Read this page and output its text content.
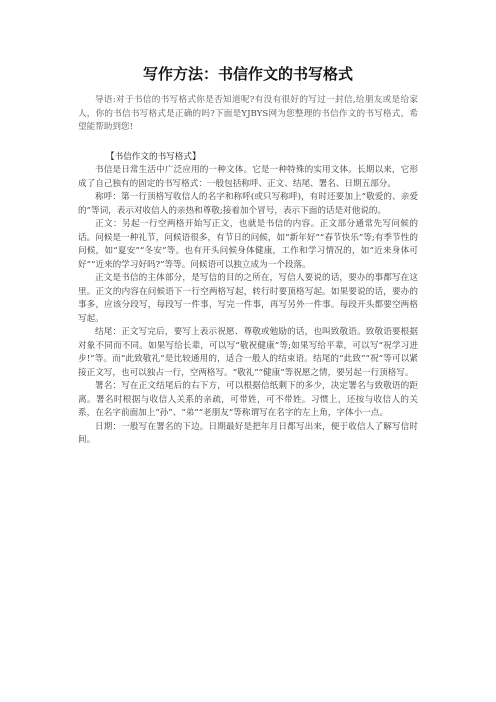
写作方法：书信作文的书写格式

导语:对于书信的书写格式你是否知道呢?有没有很好的写过一封信,给朋友或是给家人，你的书信书写格式是正确的吗?下面是YJBYS网为您整理的书信作文的书写格式，希望能帮助到您!

【书信作文的书写格式】

书信是日常生活中广泛应用的一种文体。它是一种特殊的实用文体。长期以来，它形成了自己独有的固定的书写格式：一般包括称呼、正文、结尾、署名、日期五部分。

称呼：第一行顶格写收信人的名字和称呼(或只写称呼)，有时还要加上“敬爱的、亲爱的”等词，表示对收信人的亲热和尊敬;接着加个冒号，表示下面的话是对他说的。

正文：另起一行空两格开始写正文，也就是书信的内容。正文部分通常先写问候的话。问候是一种礼节，问候语很多，有节日的问候，如“新年好”“春节快乐”等;有季节性的问候，如“夏安”“冬安”等。也有开头问候身体健康，工作和学习情况的，如“近来身体可好”“近来的学习好吗?”等等。问候语可以独立成为一个段落。

正文是书信的主体部分，是写信的目的之所在，写信人要说的话，要办的事都写在这里。正文的内容在问候语下一行空两格写起，转行时要顶格写起。如果要说的话，要办的事多，应该分段写，每段写一件事，写完一件事，再写另外一件事。每段开头都要空两格写起。

结尾：正文写完后，要写上表示祝愿、尊敬或勉励的话，也叫致敬语。致敬语要根据对象不同而不同。如果写给长辈，可以写“敬祝健康”等;如果写给平辈，可以写“祝学习进步!”等。而“此致敬礼”是比较通用的，适合一般人的结束语。结尾的“此致”“祝”等可以紧接正文写，也可以独占一行，空两格写。“敬礼”“健康”等祝愿之情，要另起一行顶格写。

署名：写在正文结尾后的右下方，可以根据信纸剩下的多少，决定署名与致敬语的距离。署名时根据与收信人关系的亲疏，可带姓，可不带姓。习惯上，还按与收信人的关系，在名字前面加上“孙”、“弟”“老朋友”等称谓写在名字的左上角，字体小一点。

日期：一般写在署名的下边。日期最好是把年月日都写出来，便于收信人了解写信时间。
